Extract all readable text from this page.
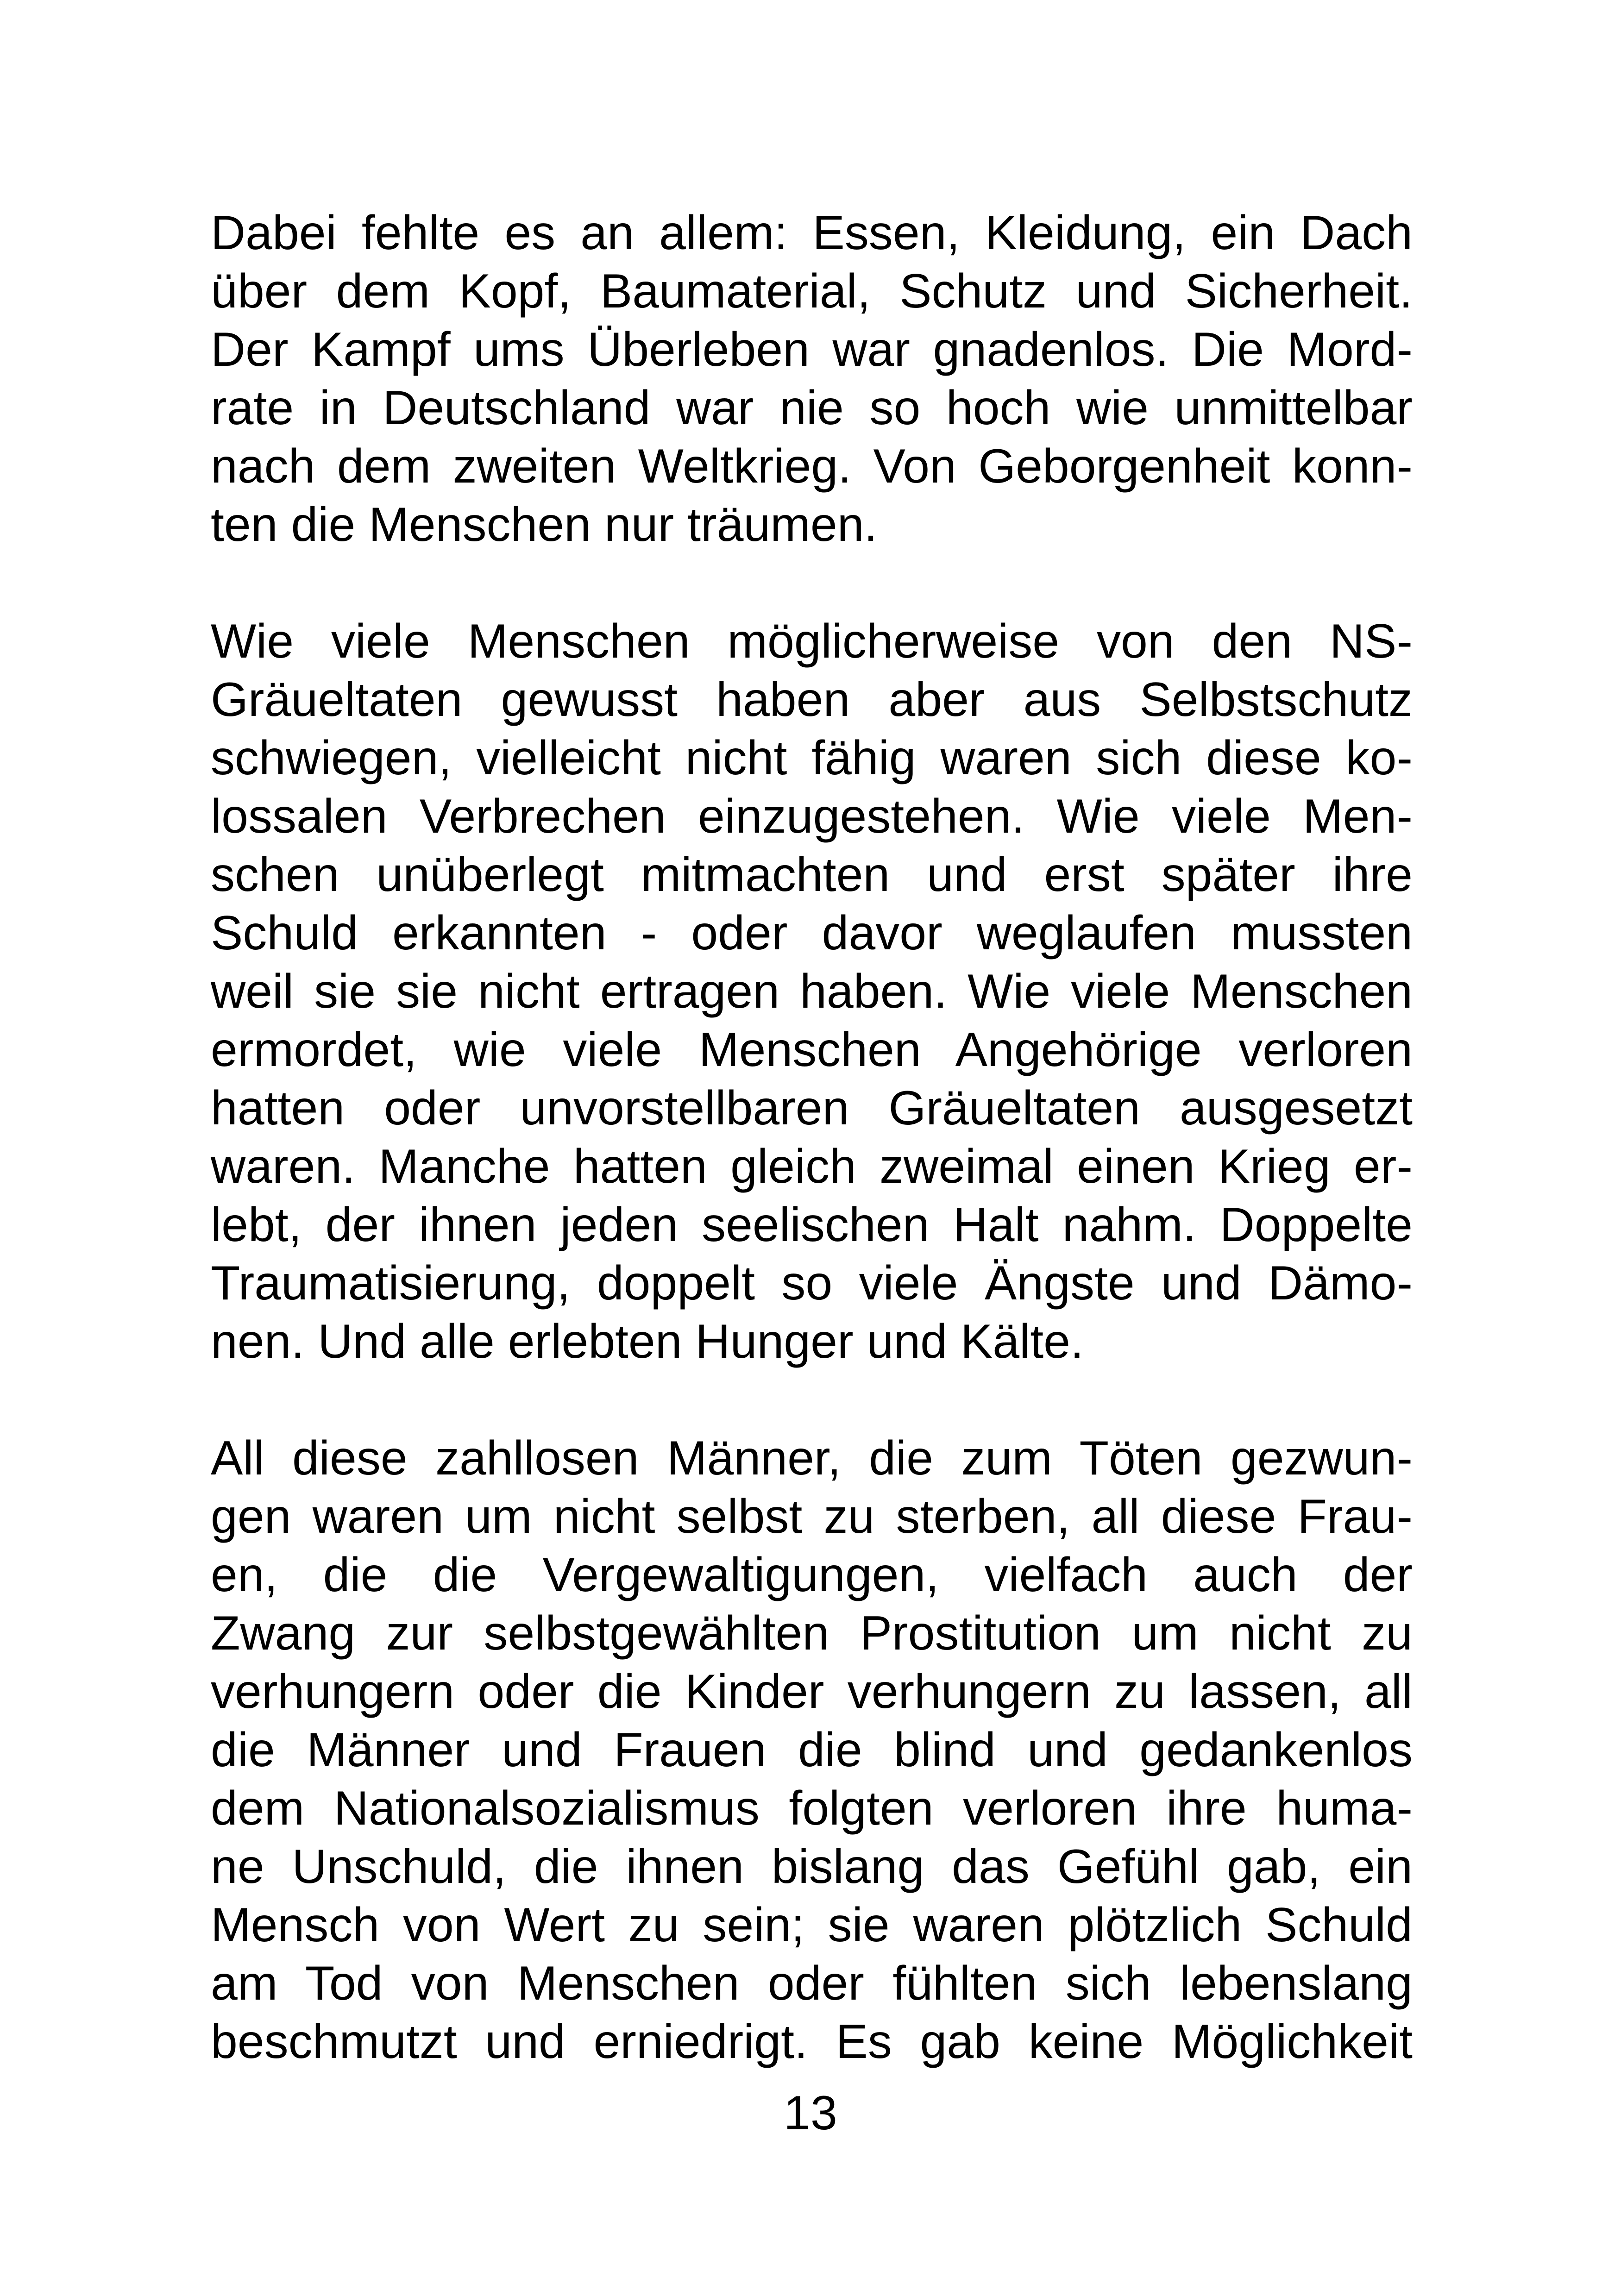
Dabei fehlte es an allem: Essen, Kleidung, ein Dach
über dem Kopf, Baumaterial, Schutz und Sicherheit.
Der Kampf ums Überleben war gnadenlos. Die Mord-
rate in Deutschland war nie so hoch wie unmittelbar
nach dem zweiten Weltkrieg. Von Geborgenheit konn-
ten die Menschen nur träumen.

Wie viele Menschen möglicherweise von den NS-
Gräueltaten gewusst haben aber aus Selbstschutz
schwiegen, vielleicht nicht fähig waren sich diese ko-
lossalen Verbrechen einzugestehen. Wie viele Men-
schen unüberlegt mitmachten und erst später ihre
Schuld erkannten - oder davor weglaufen mussten
weil sie sie nicht ertragen haben. Wie viele Menschen
ermordet, wie viele Menschen Angehörige verloren
hatten oder unvorstellbaren Gräueltaten ausgesetzt
waren. Manche hatten gleich zweimal einen Krieg er-
lebt, der ihnen jeden seelischen Halt nahm. Doppelte
Traumatisierung, doppelt so viele Ängste und Dämo-
nen. Und alle erlebten Hunger und Kälte.

All diese zahllosen Männer, die zum Töten gezwun-
gen waren um nicht selbst zu sterben, all diese Frau-
en, die die Vergewaltigungen, vielfach auch der
Zwang zur selbstgewählten Prostitution um nicht zu
verhungern oder die Kinder verhungern zu lassen, all
die Männer und Frauen die blind und gedankenlos
dem Nationalsozialismus folgten verloren ihre huma-
ne Unschuld, die ihnen bislang das Gefühl gab, ein
Mensch von Wert zu sein; sie waren plötzlich Schuld
am Tod von Menschen oder fühlten sich lebenslang
beschmutzt und erniedrigt. Es gab keine Möglichkeit

13
